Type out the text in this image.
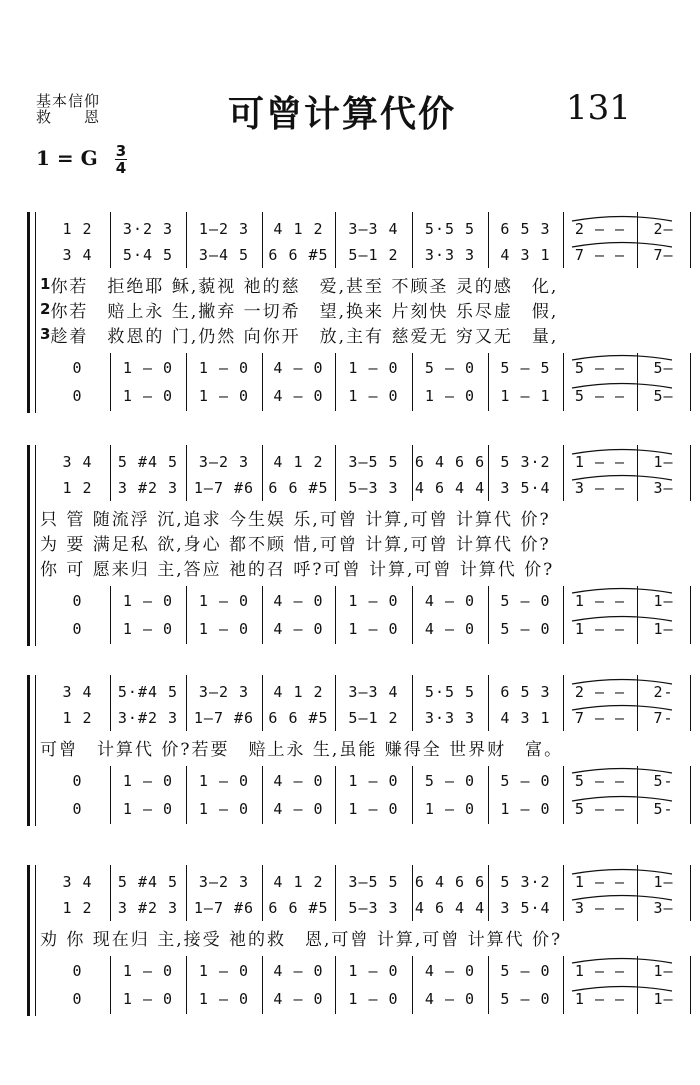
基本信仰
救　　恩	可曾计算代价	131
1 = G 3
4
1 2	3·2 3	1–2 3	4 1 2	3–3 4	5·5 5	6 5 3	2 – –	2–
3 4	5·4 5	3–4 5	6 6 #5	5–1 2	3·3 3	4 3 1	7 – –	7–
0	1 – 0	1 – 0	4 – 0	1 – 0	5 – 0	5 – 5	5 – –	5–
0	1 – 0	1 – 0	4 – 0	1 – 0	1 – 0	1 – 1	5 – –	5–
1 你若　拒绝耶 稣,藐视 祂的慈　爱,甚至 不顾圣 灵的感　化,
2 你若　赔上永 生,撇弃 一切希　望,换来 片刻快 乐尽虚　假,
3 趁着　救恩的 门,仍然 向你开　放,主有 慈爱无 穷又无　量,
3 4	5 #4 5	3–2 3	4 1 2	3–5 5	6 4 6 6	5 3·2	1 – –	1–
1 2	3 #2 3	1–7 #6 6 6 #5	5–3 3	4 6 4 4	3 5·4	3 – –	3–
0	1 – 0	1 – 0	4 – 0	1 – 0	4 – 0	5 – 0	1 – –	1–
0	1 – 0	1 – 0	4 – 0	1 – 0	4 – 0	5 – 0	1 – –	1–
只 管 随流浮 沉,追求 今生娱 乐,可曾 计算,可曾 计算代 价?
为 要 满足私 欲,身心 都不顾 惜,可曾 计算,可曾 计算代 价?
你 可 愿来归 主,答应 祂的召 呼?可曾 计算,可曾 计算代 价?
3 4	5·#4 5	3–2 3	4 1 2	3–3 4	5·5 5	6 5 3	2 – –	2-
1 2	3·#2 3	1–7 #6 6 6 #5	5–1 2	3·3 3	4 3 1	7 – –	7-
0	1 – 0	1 – 0	4 – 0	1 – 0	5 – 0	5 – 0	5 – –	5-
0	1 – 0	1 – 0	4 – 0	1 – 0	1 – 0	1 – 0	5 – –	5-
可曾　计算代 价?若要　赔上永 生,虽能 赚得全 世界财　富。
3 4	5 #4 5	3–2 3	4 1 2	3–5 5	6 4 6 6	5 3·2	1 – –	1–
1 2	3 #2 3	1–7 #6 6 6 #5	5–3 3	4 6 4 4	3 5·4	3 – –	3–
0	1 – 0	1 – 0	4 – 0	1 – 0	4 – 0	5 – 0	1 – –	1–
0	1 – 0	1 – 0	4 – 0	1 – 0	4 – 0	5 – 0	1 – –	1–
劝 你 现在归 主,接受 祂的救　恩,可曾 计算,可曾 计算代 价?
